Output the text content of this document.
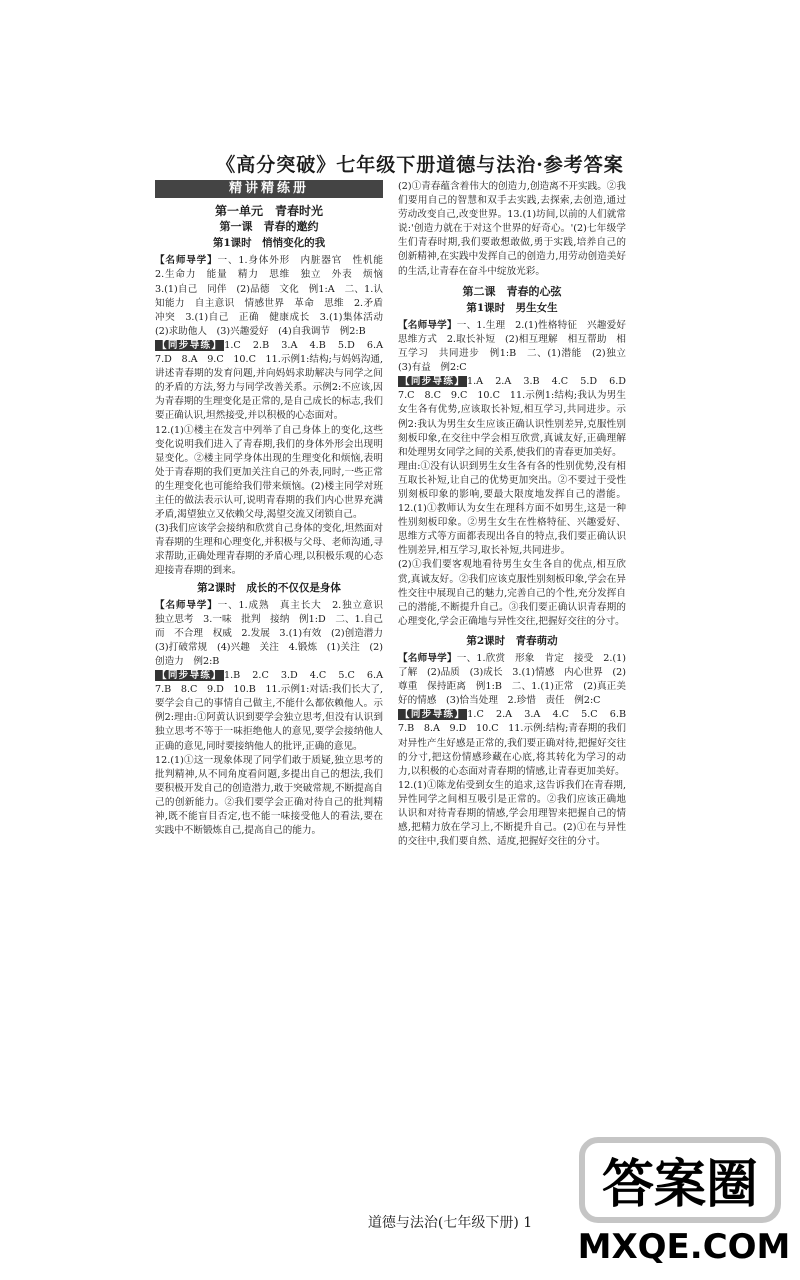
《高分突破》七年级下册道德与法治·参考答案
精讲精练册
第一单元　青春时光
第一课　青春的邀约
第1课时　悄悄变化的我

【名师导学】一、1.身体外形　内脏器官　性机能　2.生命力　能量　精力　思维　独立　外表　烦恼　3.(1)自己　同伴　(2)品德　文化　例1:A　二、1.认知能力　自主意识　情感世界　革命　思维　2.矛盾　冲突　3.(1)自己　正确　健康成长　3.(1)集体活动　(2)求助他人　(3)兴趣爱好　(4)自我调节　例2:B

【同步导练】 1.C　2.B　3.A　4.B　5.D　6.A　7.D　8.A　9.C　10.C　11.示例1:结构;与妈妈沟通,讲述青春期的发育问题,并向妈妈求助解决与同学之间的矛盾的方法,努力与同学改善关系。示例2:不应该,因为青春期的生理变化是正常的,是自己成长的标志,我们要正确认识,坦然接受,并以积极的心态面对。

12.(1)①楼主在发言中列举了自己身体上的变化,这些变化说明我们进入了青春期,我们的身体外形会出现明显变化。②楼主同学身体出现的生理变化和烦恼,表明处于青春期的我们更加关注自己的外表,同时,一些正常的生理变化也可能给我们带来烦恼。(2)楼主同学对班主任的做法表示认可,说明青春期的我们内心世界充满矛盾,渴望独立又依赖父母,渴望交流又闭锁自己。

(3)我们应该学会接纳和欣赏自己身体的变化,坦然面对青春期的生理和心理变化,并积极与父母、老师沟通,寻求帮助,正确处理青春期的矛盾心理,以积极乐观的心态迎接青春期的到来。

第2课时　成长的不仅仅是身体

【名师导学】一、1.成熟　真主长大　2.独立意识　独立思考　3.一味　批判　接纳　例1:D　二、1.自己　而　不合理　权威　2.发展　3.(1)有效　(2)创造潜力　(3)打破常规　(4)兴趣　关注　4.锻炼　(1)关注　(2)创造力　例2:B

【同步导练】 1.B　2.C　3.D　4.C　5.C　6.A　7.B　8.C　9.D　10.B　11.示例1:对话:我们长大了,要学会自己的事情自己做主,不能什么都依赖他人。示例2:理由:①阿黄认识到要学会独立思考,但没有认识到独立思考不等于一味拒绝他人的意见,要学会接纳他人正确的意见,同时要接纳他人的批评,正确的意见。

12.(1)①这一现象体现了同学们敢于质疑,独立思考的批判精神,从不同角度看问题,多提出自己的想法,我们要积极开发自己的创造潜力,敢于突破常规,不断提高自己的创新能力。②我们要学会正确对待自己的批判精神,既不能盲目否定,也不能一味接受他人的看法,要在实践中不断锻炼自己,提高自己的能力。

(2)①青春蕴含着伟大的创造力,创造离不开实践。②我们要用自己的智慧和双手去实践,去探索,去创造,通过劳动改变自己,改变世界。13.(1)坊间,以前的人们就常说:'创造力就在于对这个世界的好奇心。'(2)七年级学生们青春时期,我们要敢想敢做,勇于实践,培养自己的创新精神,在实践中发挥自己的创造力,用劳动创造美好的生活,让青春在奋斗中绽放光彩。

第二课　青春的心弦
第1课时　男生女生

【名师导学】一、1.生理　2.(1)性格特征　兴趣爱好　思维方式　2.取长补短　(2)相互理解　相互帮助　相互学习　共同进步　例1:B　二、(1)潜能　(2)独立　(3)有益　例2:C

【同步导练】 1.A　2.A　3.B　4.C　5.D　6.D　7.C　8.C　9.C　10.C　11.示例1:结构;我认为男生女生各有优势,应该取长补短,相互学习,共同进步。示例2:我认为男生女生应该正确认识性别差异,克服性别刻板印象,在交往中学会相互欣赏,真诚友好,正确理解和处理男女同学之间的关系,使我们的青春更加美好。

理由:①没有认识到男生女生各有各的性别优势,没有相互取长补短,让自己的优势更加突出。②不要过于受性别刻板印象的影响,要最大限度地发挥自己的潜能。12.(1)①教师认为女生在理科方面不如男生,这是一种性别刻板印象。②男生女生在性格特征、兴趣爱好、思维方式等方面都表现出各自的特点,我们要正确认识性别差异,相互学习,取长补短,共同进步。

(2)①我们要客观地看待男生女生各自的优点,相互欣赏,真诚友好。②我们应该克服性别刻板印象,学会在异性交往中展现自己的魅力,完善自己的个性,充分发挥自己的潜能,不断提升自己。③我们要正确认识青春期的心理变化,学会正确地与异性交往,把握好交往的分寸。

第2课时　青春萌动

【名师导学】一、1.欣赏　形象　肯定　接受　2.(1)了解　(2)品质　(3)成长　3.(1)情感　内心世界　(2)尊重　保持距离　例1:B　二、1.(1)正常　(2)真正美好的情感　(3)恰当处理　2.珍惜　责任　例2:C

【同步导练】 1.C　2.A　3.A　4.C　5.C　6.B　7.B　8.A　9.D　10.C　11.示例:结构;青春期的我们对异性产生好感是正常的,我们要正确对待,把握好交往的分寸,把这份情感珍藏在心底,将其转化为学习的动力,以积极的心态面对青春期的情感,让青春更加美好。

12.(1)①陈龙佑受到女生的追求,这告诉我们在青春期,异性同学之间相互吸引是正常的。②我们应该正确地认识和对待青春期的情感,学会用理智来把握自己的情感,把精力放在学习上,不断提升自己。(2)①在与异性的交往中,我们要自然、适度,把握好交往的分寸。

道德与法治(七年级下册) 1
答案圈
MXQE.COM
